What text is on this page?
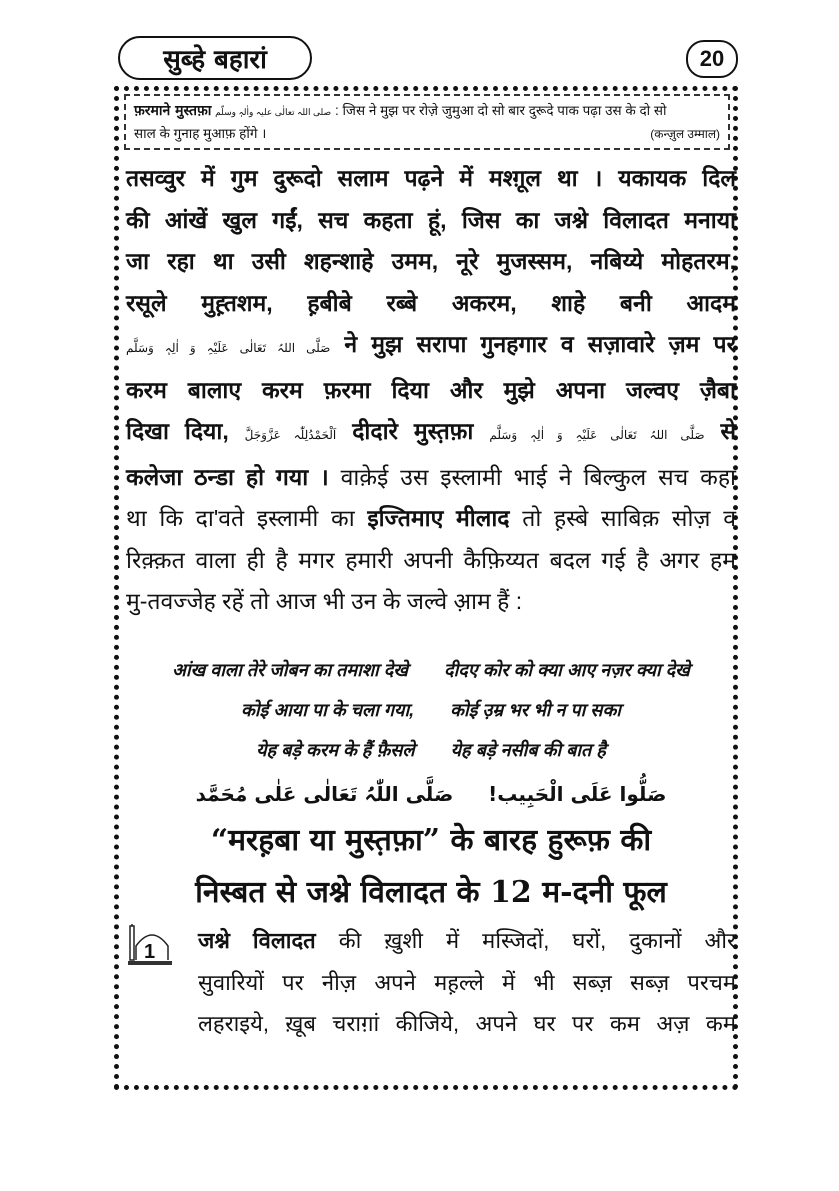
सुब्हे बहारां	20
फ़रमाने मुस्तफ़ा صلی اللہ تعالٰی علیہ واٰلہٖ وسلّم : जिस ने मुझ पर रोज़े जुमुआ दो सो बार दुरूदे पाक पढ़ा उस के दो सो
साल के गुनाह मुआफ़ होंगे ।	(कन्ज़ुल उम्माल)
तसव्वुर में गुम दुरूदो सलाम पढ़ने में मश्ग़ूल था । यकायक दिल
की आंखें खुल गईं, सच कहता हूं, जिस का जश्ने विलादत मनाया
जा रहा था उसी शहन्शाहे उमम, नूरे मुजस्सम, नबिय्ये मोहतरम,
रसूले मुह़्तशम, ह़बीबे रब्बे अकरम, शाहे बनी आदम
صَلَّی اللہُ تَعَالٰی عَلَیْہِ وَ اٰلِہٖ وَسَلَّم ने मुझ सरापा गुनहगार व सज़ावारे ज़म पर
करम बालाए करम फ़रमा दिया और मुझे अपना जल्वए ज़ैबा
दिखा दिया, اَلْحَمْدُلِلّٰہ عَزَّوَجَلَّ दीदारे मुस्त़फ़ा صَلَّی اللہُ تَعَالٰی عَلَیْہِ وَ اٰلِہٖ وَسَلَّم से
कलेजा ठन्डा हो गया । वाक़ेई उस इस्लामी भाई ने बिल्कुल सच कहा
था कि दा'वते इस्लामी का इज्तिमाए मीलाद तो ह़स्बे साबिक़ सोज़ व
रिक़्क़त वाला ही है मगर हमारी अपनी कैफ़िय्यत बदल गई है अगर हम
मु-तवज्जेह रहें तो आज भी उन के जल्वे आ़म हैं :
आंख वाला तेरे जोबन का तमाशा देखे दीदए कोर को क्या आए नज़र क्या देखे
कोई आया पा के चला गया, कोई उ़म्र भर भी न पा सका
येह बड़े करम के हैं फ़ैसले येह बड़े नसीब की बात है
صَلُّوا عَلَی الْحَبِیب!     صَلَّی اللّٰہُ تَعَالٰی عَلٰی مُحَمَّد
“मरह़बा या मुस्त़फ़ा” के बारह हुरूफ़ की
निस्बत से जश्ने विलादत के 12 म-दनी फूल
1 जश्ने विलादत की ख़ुशी में मस्जिदों, घरों, दुकानों और
सुवारियों पर नीज़ अपने मह़ल्ले में भी सब्ज़ सब्ज़ परचम
लहराइये, ख़ूब चराग़ां कीजिये, अपने घर पर कम अज़ कम
